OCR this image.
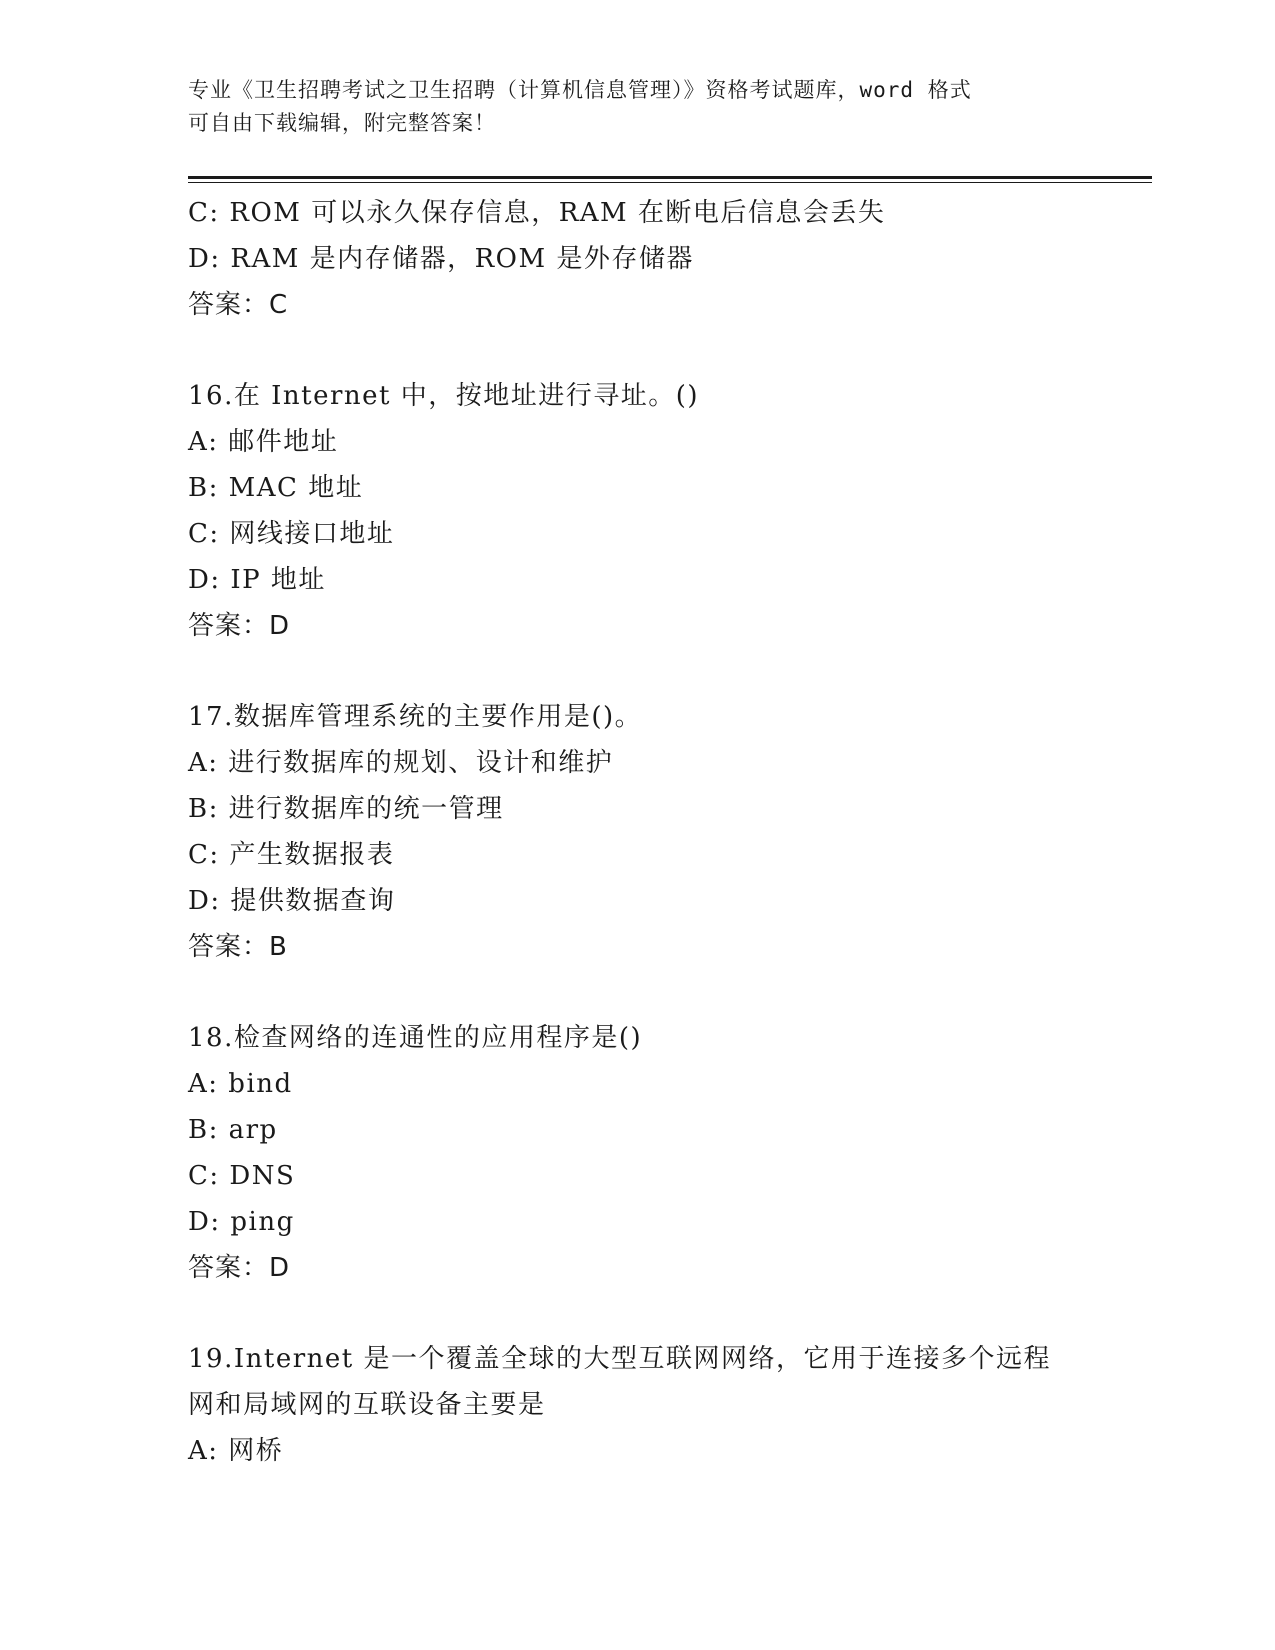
专业《卫生招聘考试之卫生招聘（计算机信息管理）》资格考试题库，word 格式
可自由下载编辑，附完整答案！
C: ROM 可以永久保存信息，RAM 在断电后信息会丢失
D: RAM 是内存储器，ROM 是外存储器
答案：C
16.在 Internet 中，按地址进行寻址。()
A: 邮件地址
B: MAC 地址
C: 网线接口地址
D: IP 地址
答案：D
17.数据库管理系统的主要作用是()。
A: 进行数据库的规划、设计和维护
B: 进行数据库的统一管理
C: 产生数据报表
D: 提供数据查询
答案：B
18.检查网络的连通性的应用程序是()
A: bind
B: arp
C: DNS
D: ping
答案：D
19.Internet 是一个覆盖全球的大型互联网网络，它用于连接多个远程
网和局域网的互联设备主要是
A: 网桥
